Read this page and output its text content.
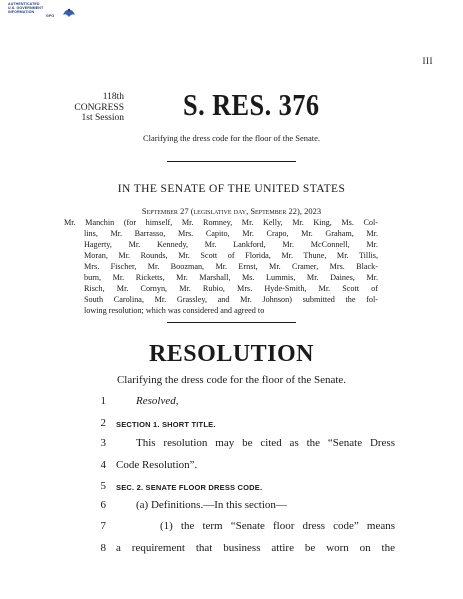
AUTHENTICATED
U.S. GOVERNMENT
INFORMATION
GPO
III
118th CONGRESS
1st Session S. RES. 376
Clarifying the dress code for the floor of the Senate.
IN THE SENATE OF THE UNITED STATES
September 27 (legislative day, September 22), 2023
Mr. Manchin (for himself, Mr. Romney, Mr. Kelly, Mr. King, Ms. Col-
lins, Mr. Barrasso, Mrs. Capito, Mr. Crapo, Mr. Graham, Mr.
Hagerty, Mr. Kennedy, Mr. Lankford, Mr. McConnell, Mr.
Moran, Mr. Rounds, Mr. Scott of Florida, Mr. Thune, Mr. Tillis,
Mrs. Fischer, Mr. Boozman, Mr. Ernst, Mr. Cramer, Mrs. Black-
burn, Mr. Ricketts, Mr. Marshall, Ms. Lummis, Mr. Daines, Mr.
Risch, Mr. Cornyn, Mr. Rubio, Mrs. Hyde-Smith, Mr. Scott of
South Carolina, Mr. Grassley, and Mr. Johnson) submitted the fol-
lowing resolution; which was considered and agreed to
RESOLUTION
Clarifying the dress code for the floor of the Senate.
1	Resolved,
2 SECTION 1. SHORT TITLE.
3	This resolution may be cited as the “Senate Dress
4 Code Resolution”.
5 SEC. 2. SENATE FLOOR DRESS CODE.
6	(a) Definitions.—In this section—
7	(1) the term “Senate floor dress code” means
8 a requirement that business attire be worn on the
